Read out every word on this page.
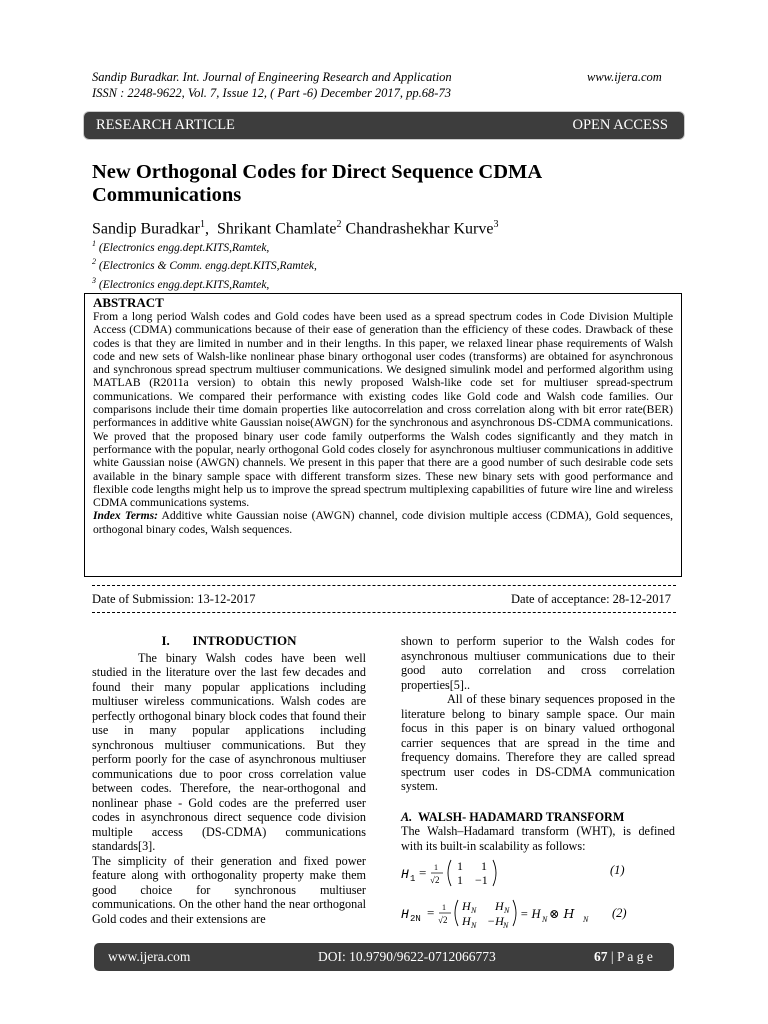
Sandip Buradkar. Int. Journal of Engineering Research and Application
ISSN : 2248-9622, Vol. 7, Issue 12, ( Part -6) December 2017, pp.68-73
www.ijera.com
RESEARCH ARTICLE	OPEN ACCESS
New Orthogonal Codes for Direct Sequence CDMA
Communications
Sandip Buradkar$^1$,  Shrikant Chamlate$^2$ Chandrashekhar Kurve$^3$
$^1$ (Electronics engg.dept.KITS,Ramtek,
$^2$ (Electronics & Comm. engg.dept.KITS,Ramtek,
$^3$ (Electronics engg.dept.KITS,Ramtek,
ABSTRACT
From a long period Walsh codes and Gold codes have been used as a spread spectrum codes in Code Division Multiple Access (CDMA) communications because of their ease of generation than the efficiency of these codes. Drawback of these codes is that they are limited in number and in their lengths. In this paper, we relaxed linear phase requirements of Walsh code and new sets of Walsh-like nonlinear phase binary orthogonal user codes (transforms) are obtained for asynchronous and synchronous spread spectrum multiuser communications. We designed simulink model and performed algorithm using MATLAB (R2011a version) to obtain this newly proposed Walsh-like code set for multiuser spread-spectrum communications. We compared their performance with existing codes like Gold code and Walsh code families. Our comparisons include their time domain properties like autocorrelation and cross correlation along with bit error rate(BER) performances in additive white Gaussian noise(AWGN) for the synchronous and asynchronous DS-CDMA communications. We proved that the proposed binary user code family outperforms the Walsh codes significantly and they match in performance with the popular, nearly orthogonal Gold codes closely for asynchronous multiuser communications in additive white Gaussian noise (AWGN) channels. We present in this paper that there are a good number of such desirable code sets available in the binary sample space with different transform sizes. These new binary sets with good performance and flexible code lengths might help us to improve the spread spectrum multiplexing capabilities of future wire line and wireless CDMA communications systems.
Index Terms: Additive white Gaussian noise (AWGN) channel, code division multiple access (CDMA), Gold sequences, orthogonal binary codes, Walsh sequences.
Date of Submission: 13-12-2017	Date of acceptance: 28-12-2017
I.       INTRODUCTION

The binary Walsh codes have been well studied in the literature over the last few decades and found their many popular applications including multiuser wireless communications. Walsh codes are perfectly orthogonal binary block codes that found their use in many popular applications including synchronous multiuser communications. But they perform poorly for the case of asynchronous multiuser communications due to poor cross correlation value between codes. Therefore, the near-orthogonal and nonlinear phase - Gold codes are the preferred user codes in asynchronous direct sequence code division multiple access (DS-CDMA) communications standards[3].

The simplicity of their generation and fixed power feature along with orthogonality property make them good choice for synchronous multiuser communications. On the other hand the near orthogonal Gold codes and their extensions are

shown to perform superior to the Walsh codes for asynchronous multiuser communications due to their good auto correlation and cross correlation properties[5]..

All of these binary sequences proposed in the literature belong to binary sample space. Our main focus in this paper is on binary valued orthogonal carrier sequences that are spread in the time and frequency domains. Therefore they are called spread spectrum user codes in DS-CDMA communication system.

A.  WALSH- HADAMARD TRANSFORM

The Walsh–Hadamard transform (WHT), is defined with its built-in scalability as follows:

H 1 = 1
√2
1 1
1 −1
(1)
H 2N = 1
√2
H N H N
H N −H N
= H N ⊗ H N (2)
www.ijera.com	DOI: 10.9790/9622-0712066773	67 | P a g e
